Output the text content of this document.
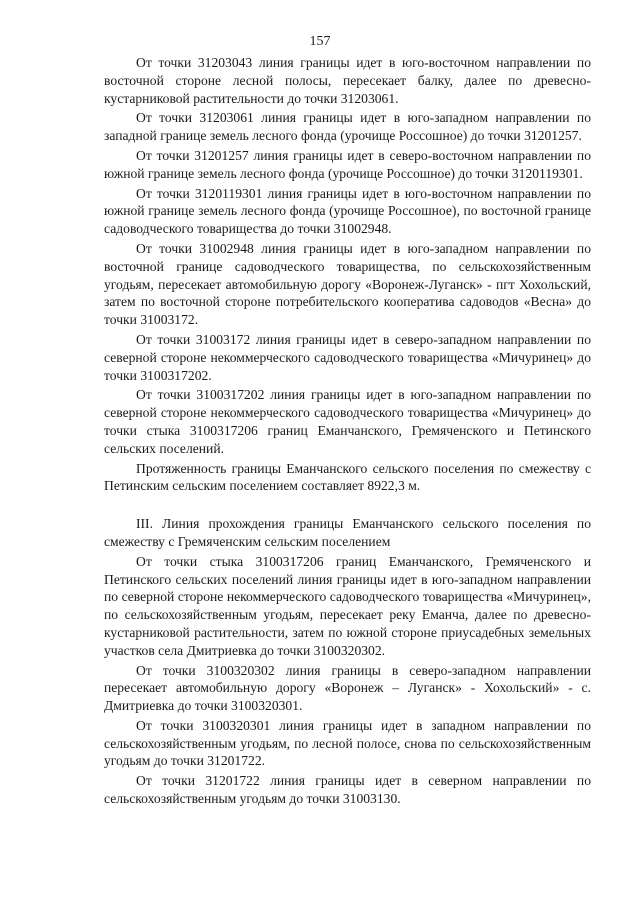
157

От точки 31203043 линия границы идет в юго-восточном направлении по восточной стороне лесной полосы, пересекает балку, далее по древесно-кустарниковой растительности до точки 31203061.

От точки 31203061 линия границы идет в юго-западном направлении по западной границе земель лесного фонда (урочище Россошное) до точки 31201257.

От точки 31201257 линия границы идет в северо-восточном направлении по южной границе земель лесного фонда (урочище Россошное) до точки 3120119301.

От точки 3120119301 линия границы идет в юго-восточном направлении по южной границе земель лесного фонда (урочище Россошное), по восточной границе садоводческого товарищества до точки 31002948.

От точки 31002948 линия границы идет в юго-западном направлении по восточной границе садоводческого товарищества, по сельскохозяйственным угодьям, пересекает автомобильную дорогу «Воронеж-Луганск» - пгт Хохольский, затем по восточной стороне потребительского кооператива садоводов «Весна» до точки 31003172.

От точки 31003172 линия границы идет в северо-западном направлении по северной стороне некоммерческого садоводческого товарищества «Мичуринец» до точки 3100317202.

От точки 3100317202 линия границы идет в юго-западном направлении по северной стороне некоммерческого садоводческого товарищества «Мичуринец» до точки стыка 3100317206 границ Еманчанского, Гремяченского и Петинского сельских поселений.

Протяженность границы Еманчанского сельского поселения по смежеству с Петинским сельским поселением составляет 8922,3 м.

III. Линия прохождения границы Еманчанского сельского поселения по смежеству с Гремяченским сельским поселением

От точки стыка 3100317206 границ Еманчанского, Гремяченского и Петинского сельских поселений линия границы идет в юго-западном направлении по северной стороне некоммерческого садоводческого товарищества «Мичуринец», по сельскохозяйственным угодьям, пересекает реку Еманча, далее по древесно-кустарниковой растительности, затем по южной стороне приусадебных земельных участков села Дмитриевка до точки 3100320302.

От точки 3100320302 линия границы в северо-западном направлении пересекает автомобильную дорогу «Воронеж – Луганск» - Хохольский» - с. Дмитриевка до точки 3100320301.

От точки 3100320301 линия границы идет в западном направлении по сельскохозяйственным угодьям, по лесной полосе, снова по сельскохозяйственным угодьям до точки 31201722.

От точки 31201722 линия границы идет в северном направлении по сельскохозяйственным угодьям до точки 31003130.
